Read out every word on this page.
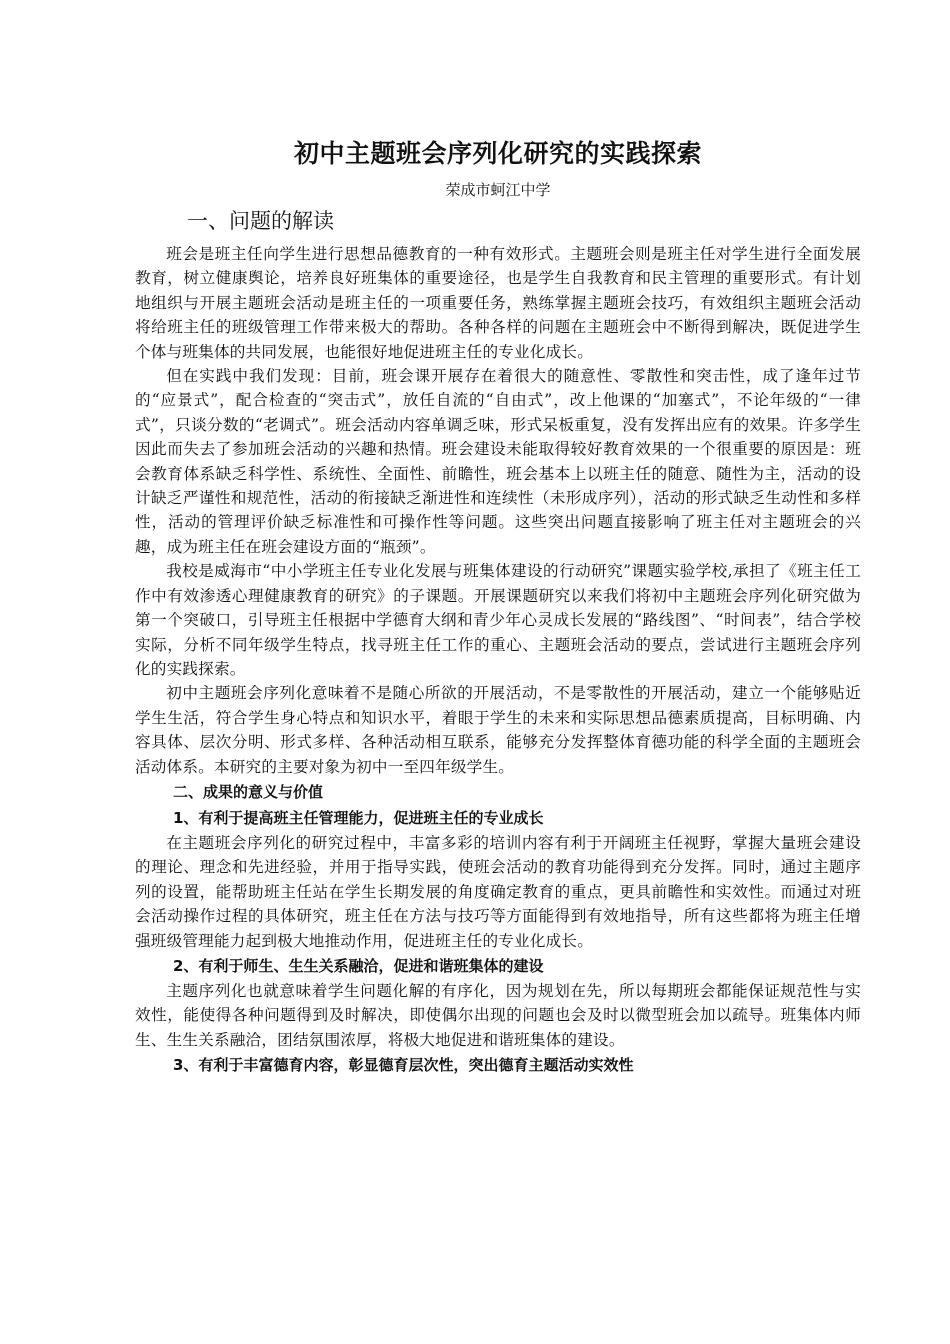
初中主题班会序列化研究的实践探索
荣成市蚵江中学
一、问题的解读

班会是班主任向学生进行思想品德教育的一种有效形式。主题班会则是班主任对学生进行全面发展教育，树立健康舆论，培养良好班集体的重要途径，也是学生自我教育和民主管理的重要形式。有计划地组织与开展主题班会活动是班主任的一项重要任务，熟练掌握主题班会技巧，有效组织主题班会活动将给班主任的班级管理工作带来极大的帮助。各种各样的问题在主题班会中不断得到解决，既促进学生个体与班集体的共同发展，也能很好地促进班主任的专业化成长。

但在实践中我们发现：目前，班会课开展存在着很大的随意性、零散性和突击性，成了逢年过节的“应景式”，配合检查的“突击式”，放任自流的“自由式”，改上他课的“加塞式”，不论年级的“一律式”，只谈分数的“老调式”。班会活动内容单调乏味，形式呆板重复，没有发挥出应有的效果。许多学生因此而失去了参加班会活动的兴趣和热情。班会建设未能取得较好教育效果的一个很重要的原因是：班会教育体系缺乏科学性、系统性、全面性、前瞻性，班会基本上以班主任的随意、随性为主，活动的设计缺乏严谨性和规范性，活动的衔接缺乏渐进性和连续性（未形成序列），活动的形式缺乏生动性和多样性，活动的管理评价缺乏标准性和可操作性等问题。这些突出问题直接影响了班主任对主题班会的兴趣，成为班主任在班会建设方面的“瓶颈”。

我校是威海市“中小学班主任专业化发展与班集体建设的行动研究”课题实验学校,承担了《班主任工作中有效渗透心理健康教育的研究》的子课题。开展课题研究以来我们将初中主题班会序列化研究做为第一个突破口，引导班主任根据中学德育大纲和青少年心灵成长发展的“路线图”、“时间表”，结合学校实际，分析不同年级学生特点，找寻班主任工作的重心、主题班会活动的要点，尝试进行主题班会序列化的实践探索。

初中主题班会序列化意味着不是随心所欲的开展活动，不是零散性的开展活动，建立一个能够贴近学生生活，符合学生身心特点和知识水平，着眼于学生的未来和实际思想品德素质提高，目标明确、内容具体、层次分明、形式多样、各种活动相互联系，能够充分发挥整体育德功能的科学全面的主题班会活动体系。本研究的主要对象为初中一至四年级学生。

二、成果的意义与价值
1、有利于提高班主任管理能力，促进班主任的专业成长

在主题班会序列化的研究过程中，丰富多彩的培训内容有利于开阔班主任视野，掌握大量班会建设的理论、理念和先进经验，并用于指导实践，使班会活动的教育功能得到充分发挥。同时，通过主题序列的设置，能帮助班主任站在学生长期发展的角度确定教育的重点，更具前瞻性和实效性。而通过对班会活动操作过程的具体研究，班主任在方法与技巧等方面能得到有效地指导，所有这些都将为班主任增强班级管理能力起到极大地推动作用，促进班主任的专业化成长。

2、有利于师生、生生关系融洽，促进和谐班集体的建设

主题序列化也就意味着学生问题化解的有序化，因为规划在先，所以每期班会都能保证规范性与实效性，能使得各种问题得到及时解决，即使偶尔出现的问题也会及时以微型班会加以疏导。班集体内师生、生生关系融洽，团结氛围浓厚，将极大地促进和谐班集体的建设。

3、有利于丰富德育内容，彰显德育层次性，突出德育主题活动实效性
